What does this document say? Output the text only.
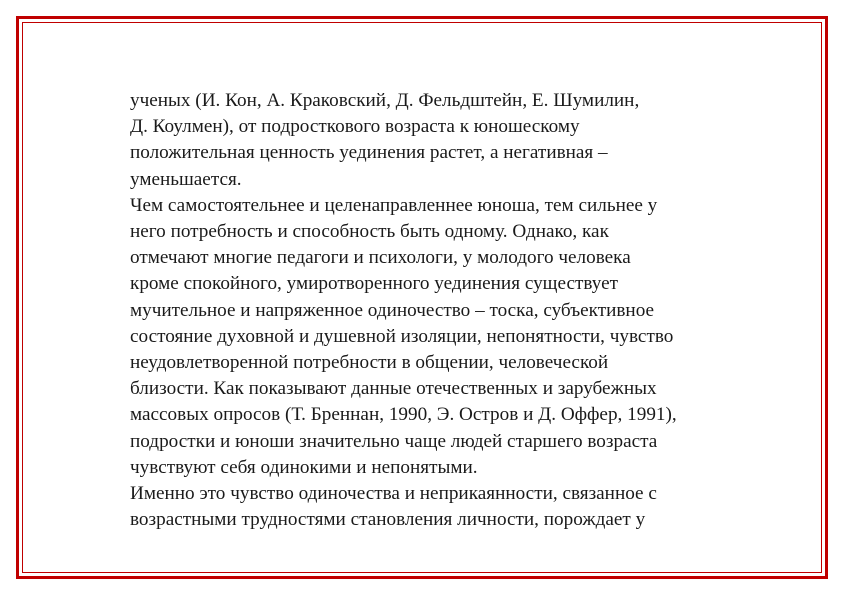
ученых (И. Кон, А. Краковский, Д. Фельдштейн, Е. Шумилин,
Д. Коулмен), от подросткового возраста к юношескому
положительная ценность уединения растет, а негативная –
уменьшается.
Чем самостоятельнее и целенаправленнее юноша, тем сильнее у
него потребность и способность быть одному. Однако, как
отмечают многие педагоги и психологи, у молодого человека
кроме спокойного, умиротворенного уединения существует
мучительное и напряженное одиночество – тоска, субъективное
состояние духовной и душевной изоляции, непонятности, чувство
неудовлетворенной потребности в общении, человеческой
близости. Как показывают данные отечественных и зарубежных
массовых опросов (Т. Бреннан, 1990, Э. Остров и Д. Оффер, 1991),
подростки и юноши значительно чаще людей старшего возраста
чувствуют себя одинокими и непонятыми.
Именно это чувство одиночества и неприкаянности, связанное с
возрастными трудностями становления личности, порождает у
